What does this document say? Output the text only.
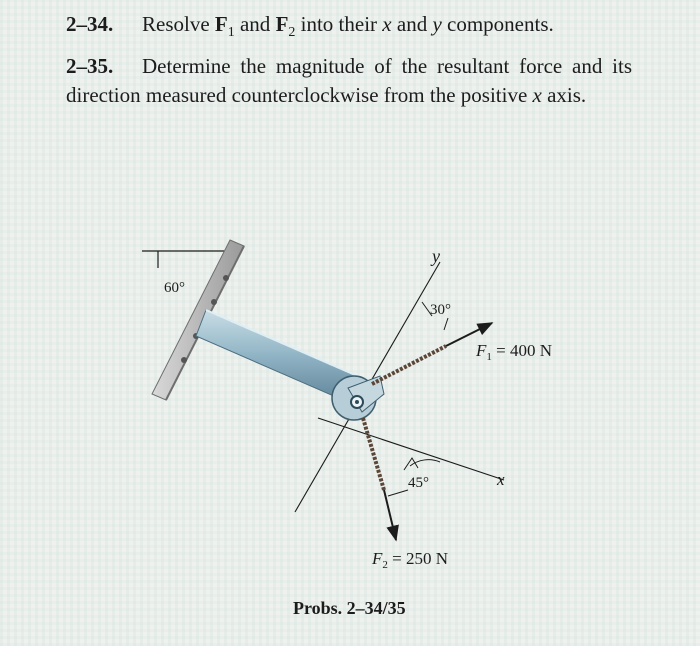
2–34. Resolve $F_1$ and $F_2$ into their x and y components.
2–35. Determine the magnitude of the resultant force and its direction measured counterclockwise from the positive x axis.
60°
y
30°
45°	x
$F_1 = 400$ N
$F_2 = 250$ N
Probs. 2–34/35
